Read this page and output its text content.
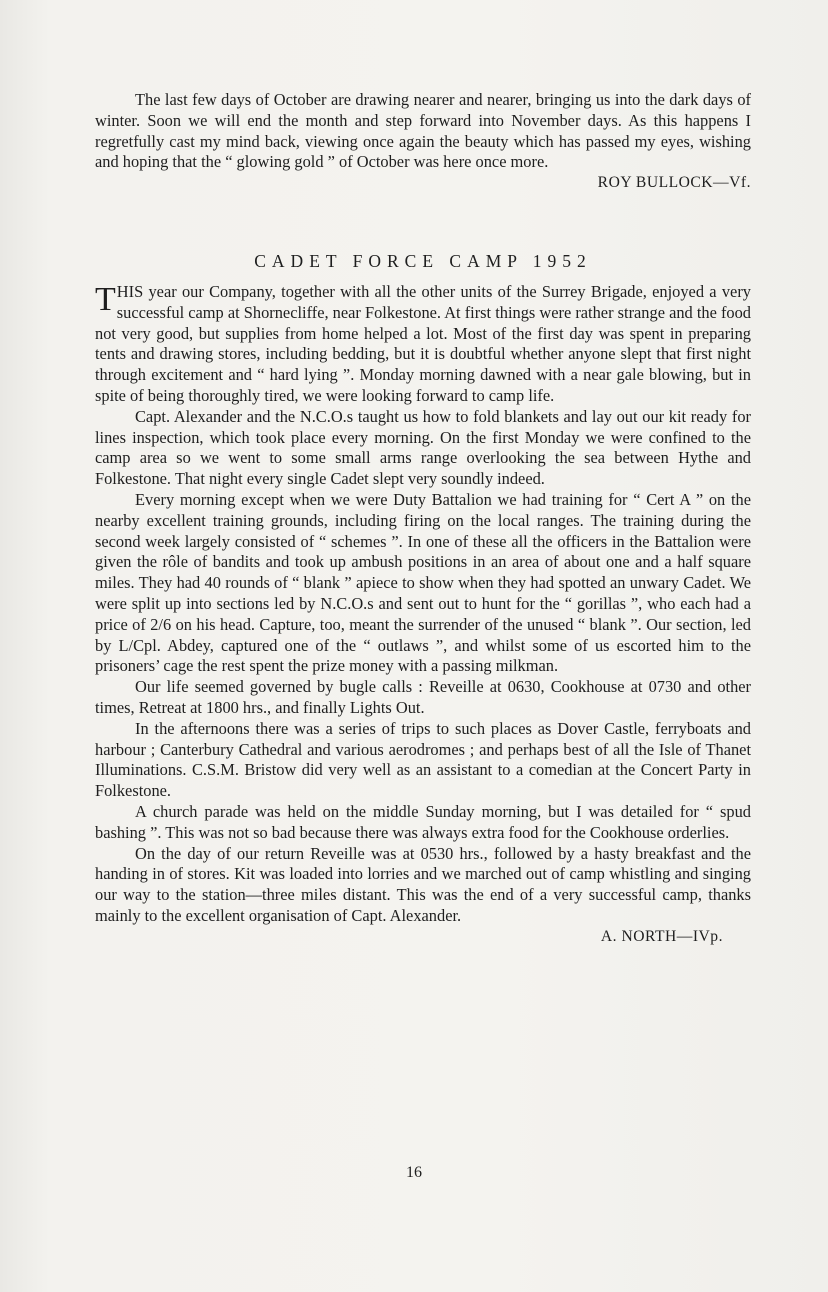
The last few days of October are drawing nearer and nearer, bringing us into the dark days of winter. Soon we will end the month and step forward into November days. As this happens I regretfully cast my mind back, viewing once again the beauty which has passed my eyes, wishing and hoping that the “ glowing gold ” of October was here once more.

ROY BULLOCK—Vf.
CADET FORCE CAMP 1952

THIS year our Company, together with all the other units of the Surrey Brigade, enjoyed a very successful camp at Shornecliffe, near Folkestone. At first things were rather strange and the food not very good, but supplies from home helped a lot. Most of the first day was spent in preparing tents and drawing stores, including bedding, but it is doubtful whether anyone slept that first night through excitement and “ hard lying ”. Monday morning dawned with a near gale blowing, but in spite of being thoroughly tired, we were looking forward to camp life.

Capt. Alexander and the N.C.O.s taught us how to fold blankets and lay out our kit ready for lines inspection, which took place every morning. On the first Monday we were confined to the camp area so we went to some small arms range overlooking the sea between Hythe and Folkestone. That night every single Cadet slept very soundly indeed.

Every morning except when we were Duty Battalion we had training for “ Cert A ” on the nearby excellent training grounds, including firing on the local ranges. The training during the second week largely consisted of “ schemes ”. In one of these all the officers in the Battalion were given the rôle of bandits and took up ambush positions in an area of about one and a half square miles. They had 40 rounds of “ blank ” apiece to show when they had spotted an unwary Cadet. We were split up into sections led by N.C.O.s and sent out to hunt for the “ gorillas ”, who each had a price of 2/6 on his head. Capture, too, meant the surrender of the unused “ blank ”. Our section, led by L/Cpl. Abdey, captured one of the “ outlaws ”, and whilst some of us escorted him to the prisoners’ cage the rest spent the prize money with a passing milkman.

Our life seemed governed by bugle calls : Reveille at 0630, Cookhouse at 0730 and other times, Retreat at 1800 hrs., and finally Lights Out.

In the afternoons there was a series of trips to such places as Dover Castle, ferryboats and harbour ; Canterbury Cathedral and various aerodromes ; and perhaps best of all the Isle of Thanet Illuminations. C.S.M. Bristow did very well as an assistant to a comedian at the Concert Party in Folkestone.

A church parade was held on the middle Sunday morning, but I was detailed for “ spud bashing ”. This was not so bad because there was always extra food for the Cookhouse orderlies.

On the day of our return Reveille was at 0530 hrs., followed by a hasty breakfast and the handing in of stores. Kit was loaded into lorries and we marched out of camp whistling and singing our way to the station—three miles distant. This was the end of a very successful camp, thanks mainly to the excellent organisation of Capt. Alexander.

A. NORTH—IVp.
16
